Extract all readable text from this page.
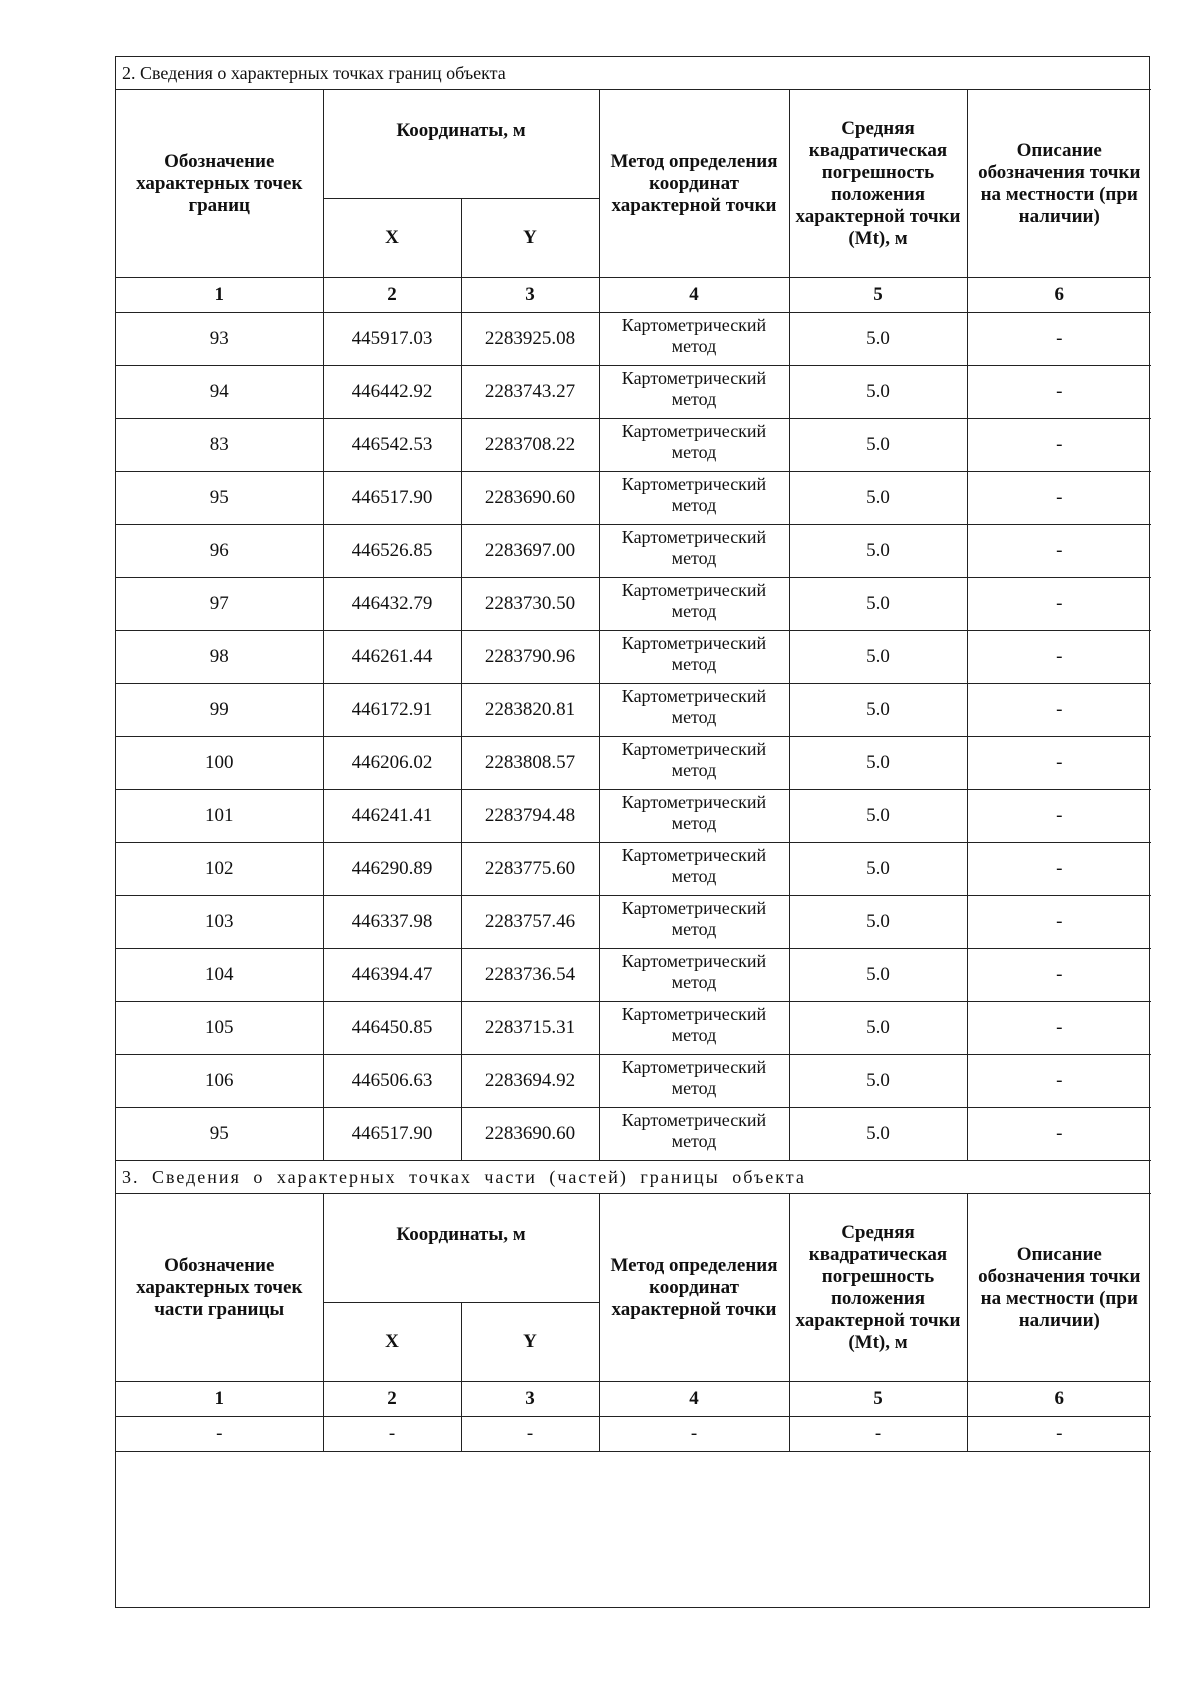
2. Сведения о характерных точках границ объекта					
Обозначение характерных точек границ	Координаты, м		Метод определения координат характерной точки	Средняя квадратическая погрешность положения характерной точки (Mt), м	Описание обозначения точки на местности (при наличии)
	X	Y			
1	2	3	4	5	6
93	445917.03	2283925.08	Картометрический метод	5.0	-
94	446442.92	2283743.27	Картометрический метод	5.0	-
83	446542.53	2283708.22	Картометрический метод	5.0	-
95	446517.90	2283690.60	Картометрический метод	5.0	-
96	446526.85	2283697.00	Картометрический метод	5.0	-
97	446432.79	2283730.50	Картометрический метод	5.0	-
98	446261.44	2283790.96	Картометрический метод	5.0	-
99	446172.91	2283820.81	Картометрический метод	5.0	-
100	446206.02	2283808.57	Картометрический метод	5.0	-
101	446241.41	2283794.48	Картометрический метод	5.0	-
102	446290.89	2283775.60	Картометрический метод	5.0	-
103	446337.98	2283757.46	Картометрический метод	5.0	-
104	446394.47	2283736.54	Картометрический метод	5.0	-
105	446450.85	2283715.31	Картометрический метод	5.0	-
106	446506.63	2283694.92	Картометрический метод	5.0	-
95	446517.90	2283690.60	Картометрический метод	5.0	-
3. Сведения о характерных точках части (частей) границы объекта					
Обозначение характерных точек части границы	Координаты, м		Метод определения координат характерной точки	Средняя квадратическая погрешность положения характерной точки (Mt), м	Описание обозначения точки на местности (при наличии)
	X	Y			
1	2	3	4	5	6
-	-	-	-	-	-
